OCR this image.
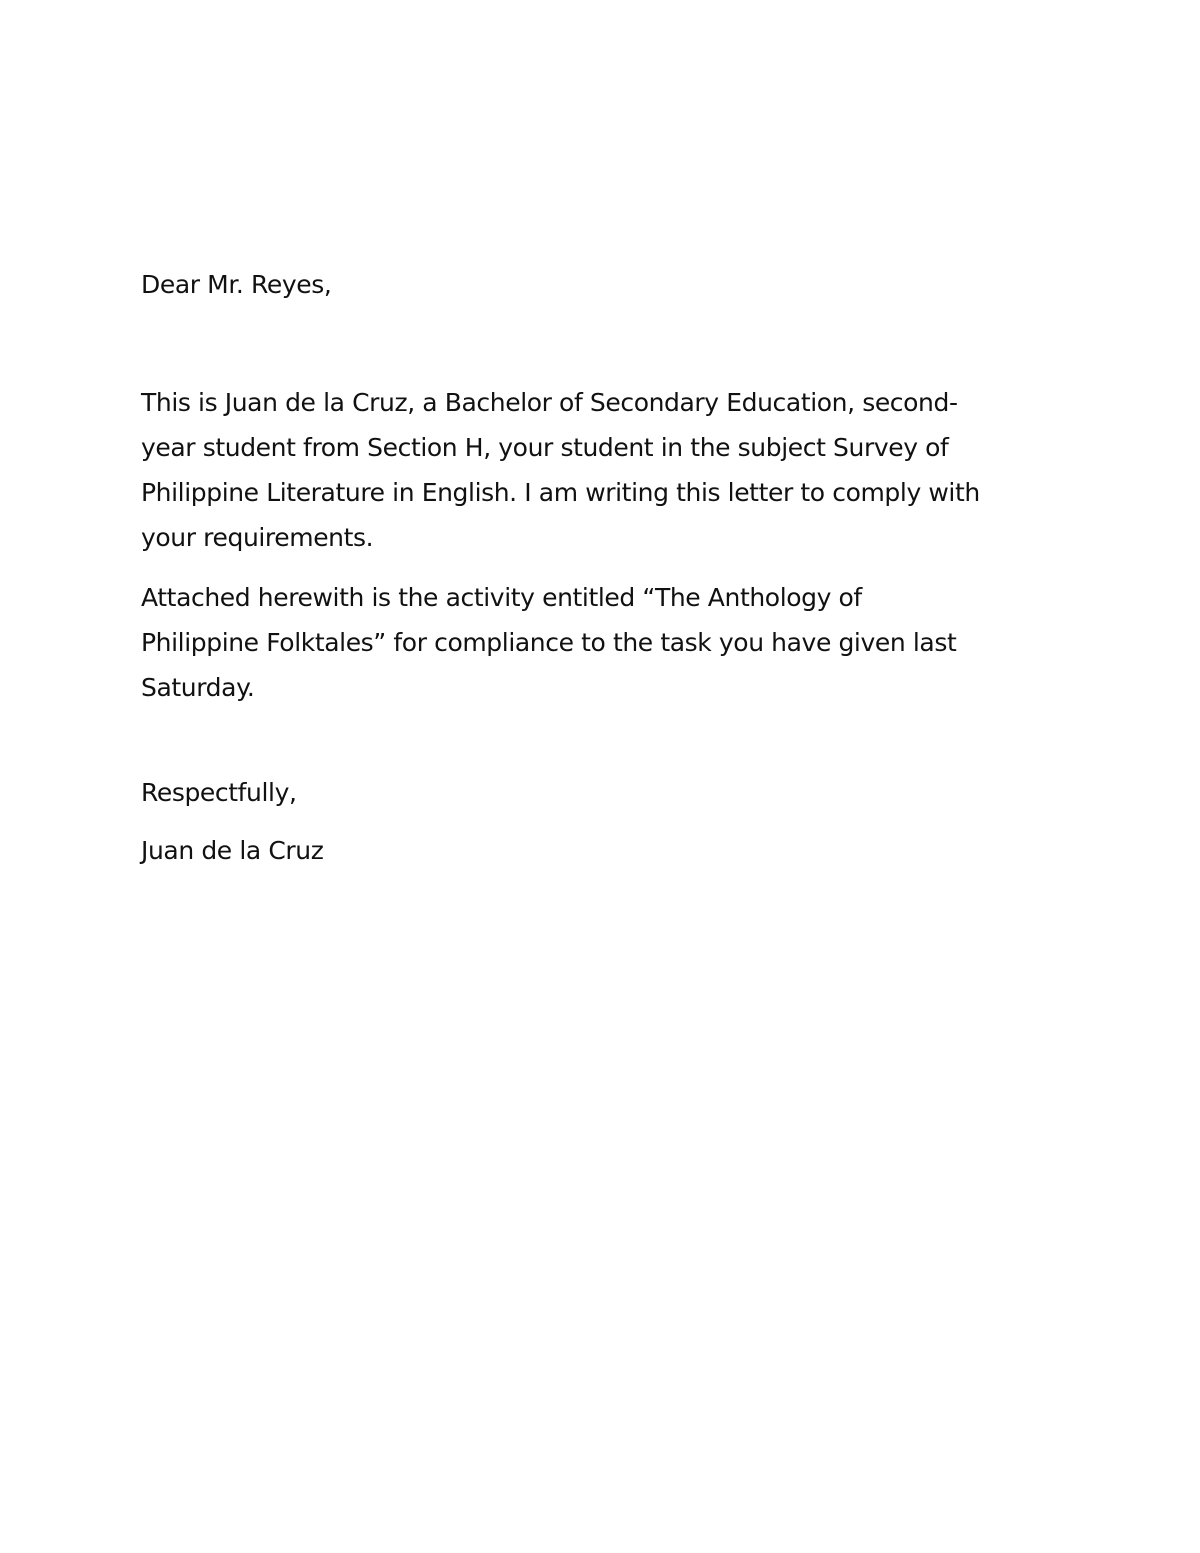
Dear Mr. Reyes,

This is Juan de la Cruz, a Bachelor of Secondary Education, second-

year student from Section H, your student in the subject Survey of

Philippine Literature in English. I am writing this letter to comply with

your requirements.

Attached herewith is the activity entitled “The Anthology of

Philippine Folktales” for compliance to the task you have given last

Saturday.

Respectfully,

Juan de la Cruz
